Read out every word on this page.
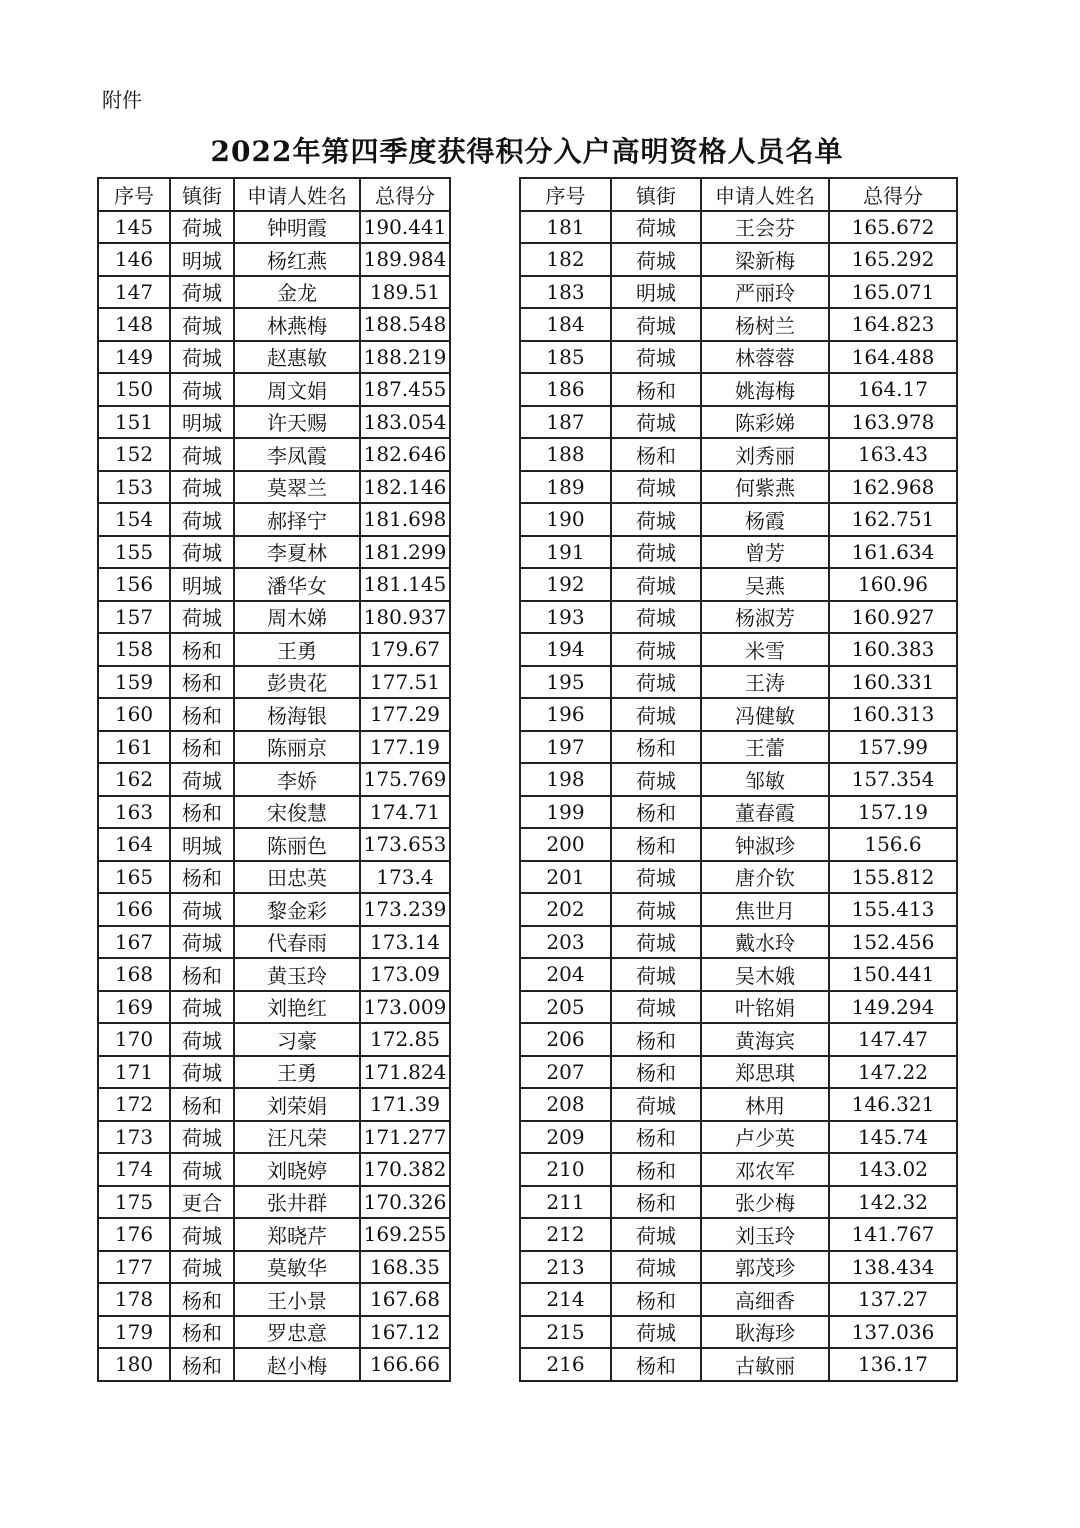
附件
2022年第四季度获得积分入户高明资格人员名单
序号	镇街	申请人姓名	总得分
145	荷城	钟明霞	190.441
146	明城	杨红燕	189.984
147	荷城	金龙	189.51
148	荷城	林燕梅	188.548
149	荷城	赵惠敏	188.219
150	荷城	周文娟	187.455
151	明城	许天赐	183.054
152	荷城	李凤霞	182.646
153	荷城	莫翠兰	182.146
154	荷城	郝择宁	181.698
155	荷城	李夏林	181.299
156	明城	潘华女	181.145
157	荷城	周木娣	180.937
158	杨和	王勇	179.67
159	杨和	彭贵花	177.51
160	杨和	杨海银	177.29
161	杨和	陈丽京	177.19
162	荷城	李娇	175.769
163	杨和	宋俊慧	174.71
164	明城	陈丽色	173.653
165	杨和	田忠英	173.4
166	荷城	黎金彩	173.239
167	荷城	代春雨	173.14
168	杨和	黄玉玲	173.09
169	荷城	刘艳红	173.009
170	荷城	习豪	172.85
171	荷城	王勇	171.824
172	杨和	刘荣娟	171.39
173	荷城	汪凡荣	171.277
174	荷城	刘晓婷	170.382
175	更合	张井群	170.326
176	荷城	郑晓芹	169.255
177	荷城	莫敏华	168.35
178	杨和	王小景	167.68
179	杨和	罗忠意	167.12
180	杨和	赵小梅	166.66
序号	镇街	申请人姓名	总得分
181	荷城	王会芬	165.672
182	荷城	梁新梅	165.292
183	明城	严丽玲	165.071
184	荷城	杨树兰	164.823
185	荷城	林蓉蓉	164.488
186	杨和	姚海梅	164.17
187	荷城	陈彩娣	163.978
188	杨和	刘秀丽	163.43
189	荷城	何紫燕	162.968
190	荷城	杨霞	162.751
191	荷城	曾芳	161.634
192	荷城	吴燕	160.96
193	荷城	杨淑芳	160.927
194	荷城	米雪	160.383
195	荷城	王涛	160.331
196	荷城	冯健敏	160.313
197	杨和	王蕾	157.99
198	荷城	邹敏	157.354
199	杨和	董春霞	157.19
200	杨和	钟淑珍	156.6
201	荷城	唐介钦	155.812
202	荷城	焦世月	155.413
203	荷城	戴水玲	152.456
204	荷城	吴木娥	150.441
205	荷城	叶铭娟	149.294
206	杨和	黄海宾	147.47
207	杨和	郑思琪	147.22
208	荷城	林用	146.321
209	杨和	卢少英	145.74
210	杨和	邓农军	143.02
211	杨和	张少梅	142.32
212	荷城	刘玉玲	141.767
213	荷城	郭茂珍	138.434
214	杨和	高细香	137.27
215	荷城	耿海珍	137.036
216	杨和	古敏丽	136.17
